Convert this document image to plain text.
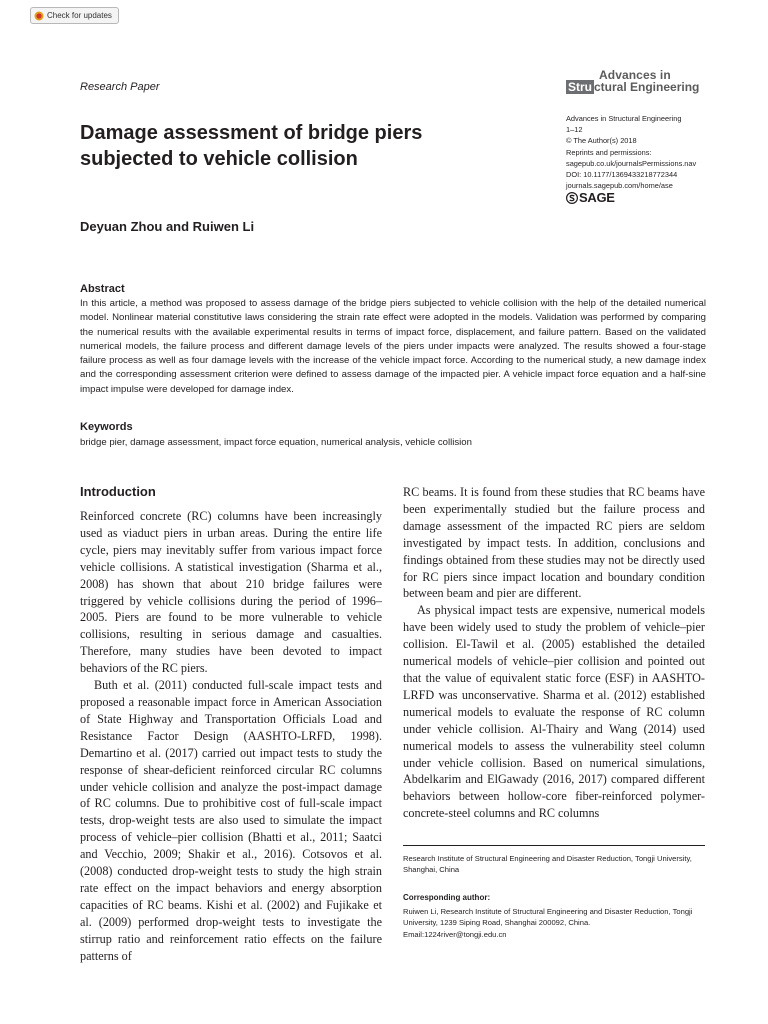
Check for updates
Research Paper
Advances in
Stru ctural Engineering
Damage assessment of bridge piers subjected to vehicle collision
Advances in Structural Engineering
1–12
© The Author(s) 2018
Reprints and permissions:
sagepub.co.uk/journalsPermissions.nav
DOI: 10.1177/1369433218772344
journals.sagepub.com/home/ase
SAGE
Deyuan Zhou and Ruiwen Li
Abstract

In this article, a method was proposed to assess damage of the bridge piers subjected to vehicle collision with the help of the detailed numerical model. Nonlinear material constitutive laws considering the strain rate effect were adopted in the models. Validation was performed by comparing the numerical results with the available experimental results in terms of impact force, displacement, and failure pattern. Based on the validated numerical models, the failure process and different damage levels of the piers under impacts were analyzed. The results showed a four-stage failure process as well as four damage levels with the increase of the vehicle impact force. According to the numerical study, a new damage index and the corresponding assessment criterion were defined to assess damage of the impacted pier. A vehicle impact force equation and a half-sine impact impulse were developed for damage index.

Keywords
bridge pier, damage assessment, impact force equation, numerical analysis, vehicle collision
Introduction

Reinforced concrete (RC) columns have been increasingly used as viaduct piers in urban areas. During the entire life cycle, piers may inevitably suffer from various impact force vehicle collisions. A statistical investigation (Sharma et al., 2008) has shown that about 210 bridge failures were triggered by vehicle collisions during the period of 1996–2005. Piers are found to be more vulnerable to vehicle collisions, resulting in serious damage and casualties. Therefore, many studies have been devoted to impact behaviors of the RC piers.

Buth et al. (2011) conducted full-scale impact tests and proposed a reasonable impact force in American Association of State Highway and Transportation Officials Load and Resistance Factor Design (AASHTO-LRFD, 1998). Demartino et al. (2017) carried out impact tests to study the response of shear-deficient reinforced circular RC columns under vehicle collision and analyze the post-impact damage of RC columns. Due to prohibitive cost of full-scale impact tests, drop-weight tests are also used to simulate the impact process of vehicle–pier collision (Bhatti et al., 2011; Saatci and Vecchio, 2009; Shakir et al., 2016). Cotsovos et al. (2008) conducted drop-weight tests to study the high strain rate effect on the impact behaviors and energy absorption capacities of RC beams. Kishi et al. (2002) and Fujikake et al. (2009) performed drop-weight tests to investigate the stirrup ratio and reinforcement ratio effects on the failure patterns of

RC beams. It is found from these studies that RC beams have been experimentally studied but the failure process and damage assessment of the impacted RC piers are seldom investigated by impact tests. In addition, conclusions and findings obtained from these studies may not be directly used for RC piers since impact location and boundary condition between beam and pier are different.

As physical impact tests are expensive, numerical models have been widely used to study the problem of vehicle–pier collision. El-Tawil et al. (2005) established the detailed numerical models of vehicle–pier collision and pointed out that the value of equivalent static force (ESF) in AASHTO-LRFD was unconservative. Sharma et al. (2012) established numerical models to evaluate the response of RC column under vehicle collision. Al-Thairy and Wang (2014) used numerical models to assess the vulnerability steel column under vehicle collision. Based on numerical simulations, Abdelkarim and ElGawady (2016, 2017) compared different behaviors between hollow-core fiber-reinforced polymer-concrete-steel columns and RC columns

Research Institute of Structural Engineering and Disaster Reduction, Tongji University, Shanghai, China
Corresponding author:
Ruiwen Li, Research Institute of Structural Engineering and Disaster Reduction, Tongji University, 1239 Siping Road, Shanghai 200092, China.
Email:1224river@tongji.edu.cn
